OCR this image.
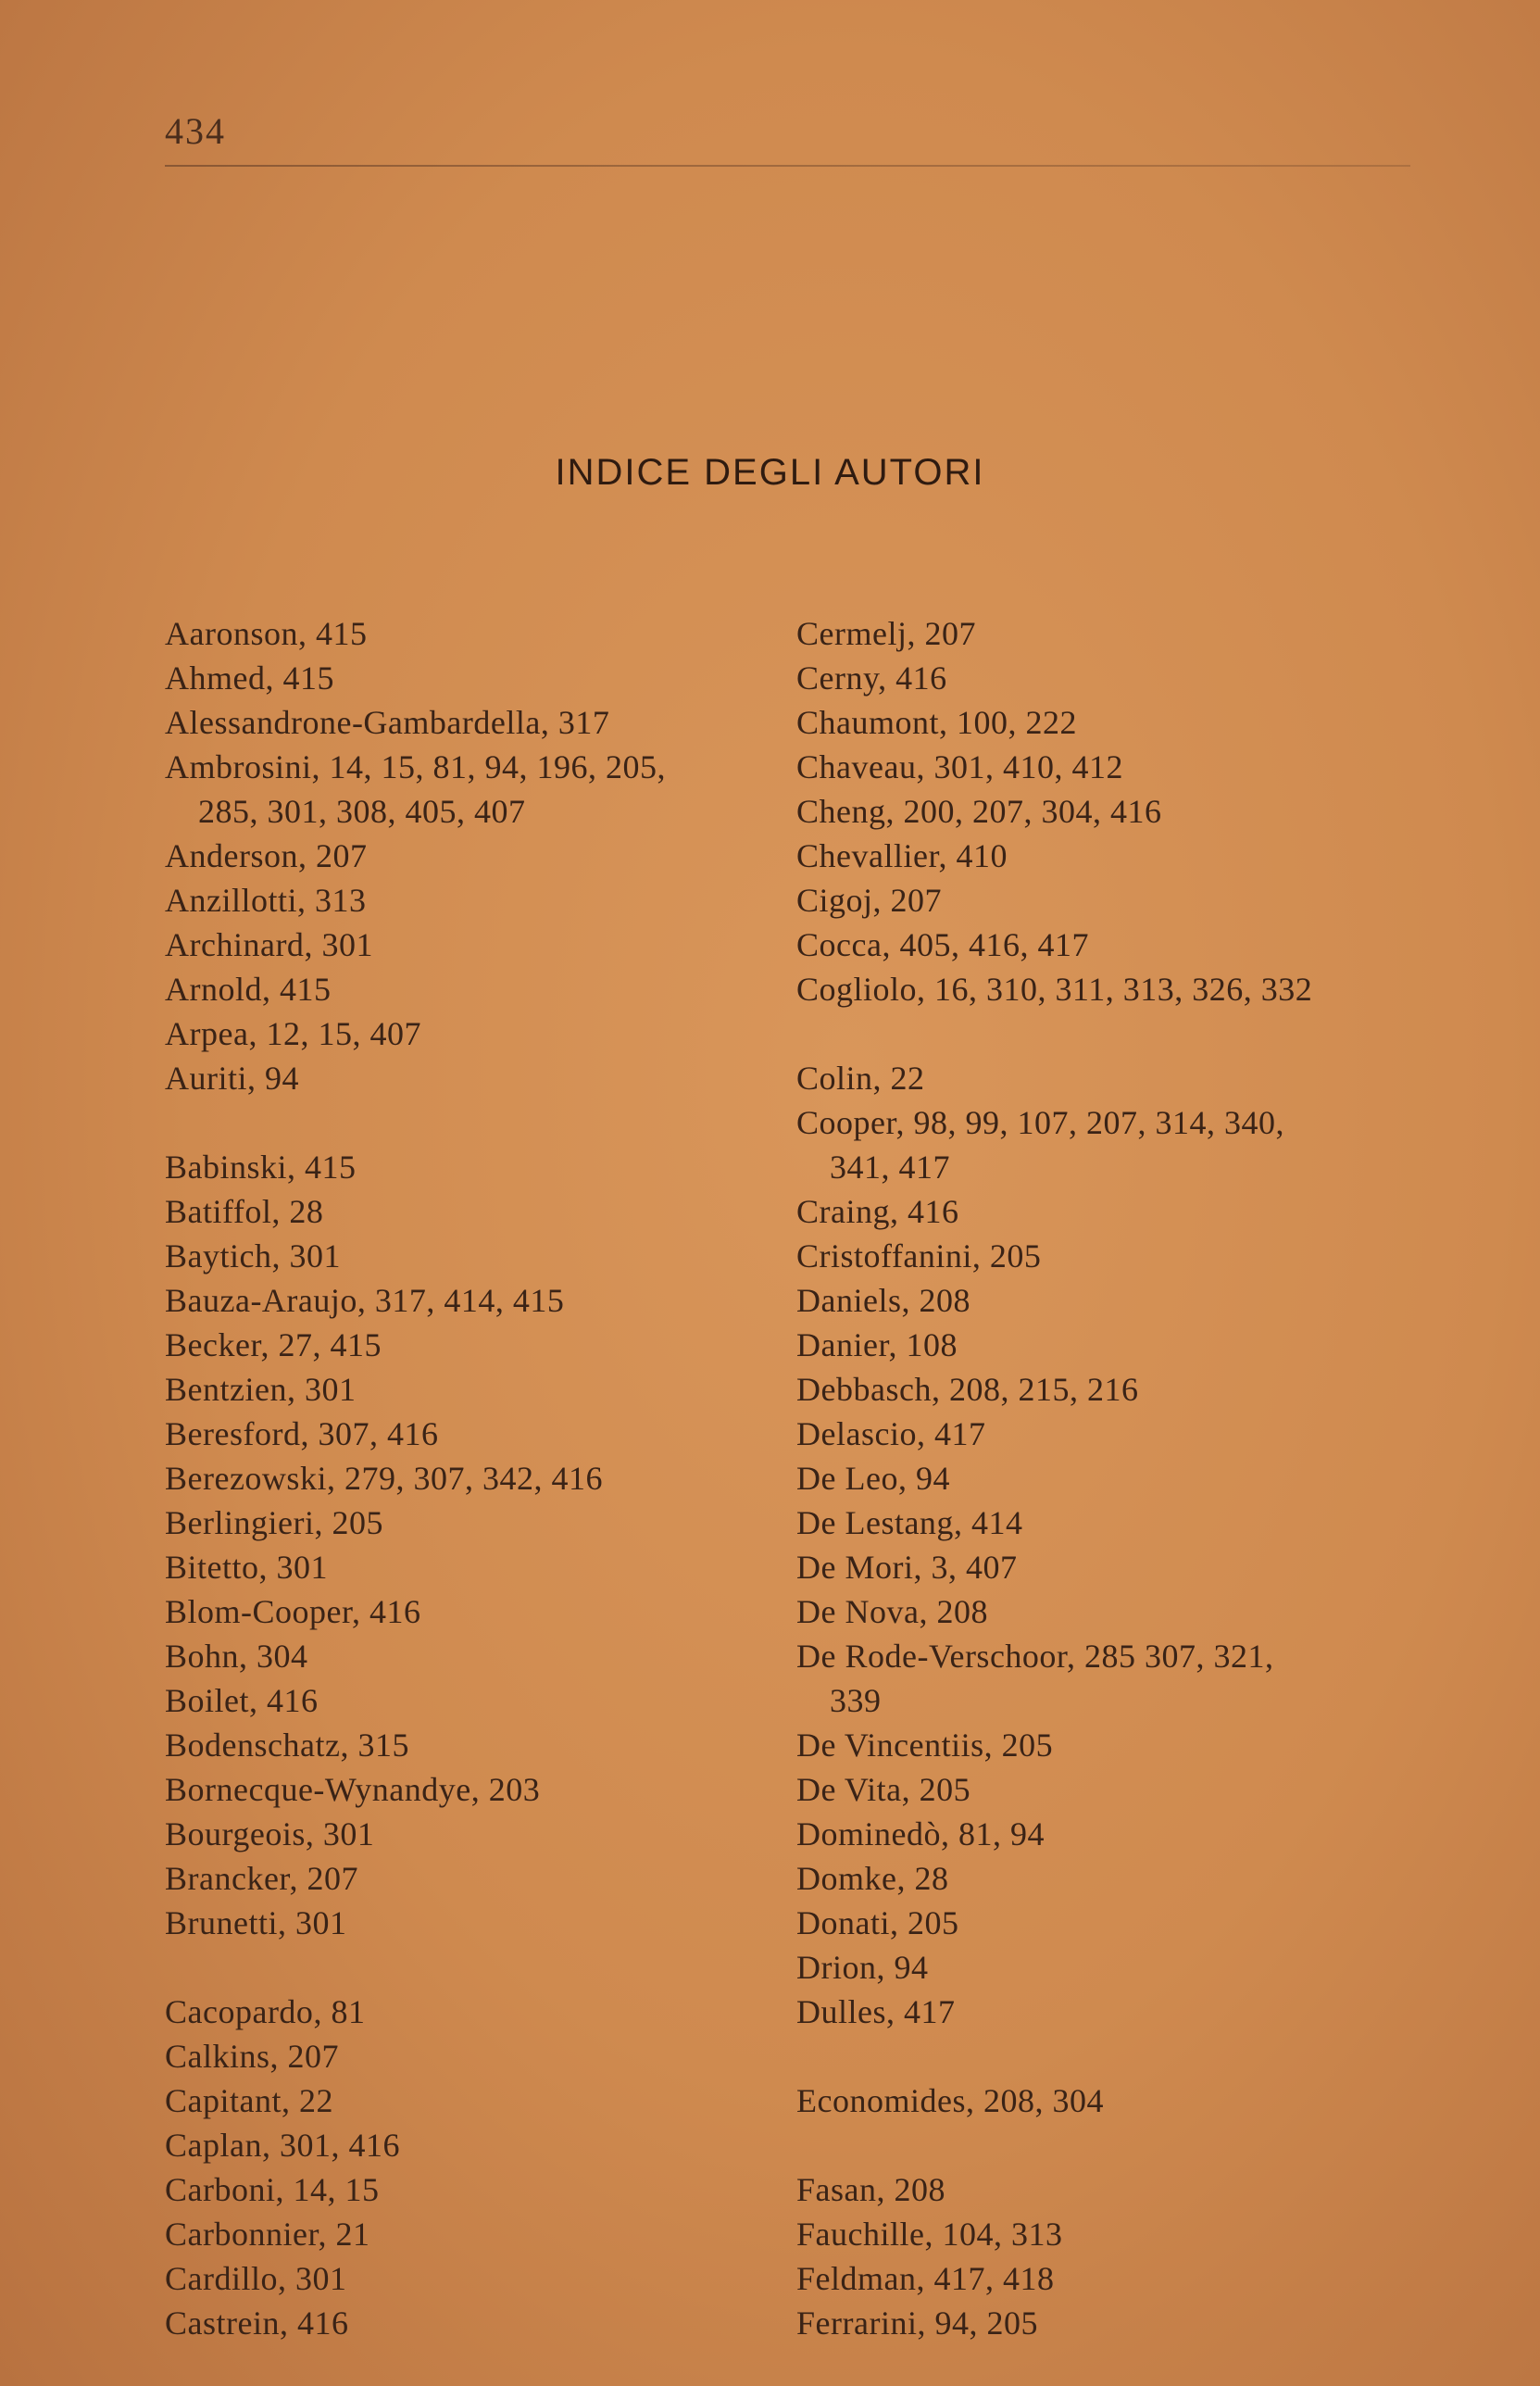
434
INDICE DEGLI AUTORI
Aaronson, 415
Ahmed, 415
Alessandrone-Gambardella, 317
Ambrosini, 14, 15, 81, 94, 196, 205,
285, 301, 308, 405, 407
Anderson, 207
Anzillotti, 313
Archinard, 301
Arnold, 415
Arpea, 12, 15, 407
Auriti, 94
Babinski, 415
Batiffol, 28
Baytich, 301
Bauza-Araujo, 317, 414, 415
Becker, 27, 415
Bentzien, 301
Beresford, 307, 416
Berezowski, 279, 307, 342, 416
Berlingieri, 205
Bitetto, 301
Blom-Cooper, 416
Bohn, 304
Boilet, 416
Bodenschatz, 315
Bornecque-Wynandye, 203
Bourgeois, 301
Brancker, 207
Brunetti, 301
Cacopardo, 81
Calkins, 207
Capitant, 22
Caplan, 301, 416
Carboni, 14, 15
Carbonnier, 21
Cardillo, 301
Castrein, 416
Cermelj, 207
Cerny, 416
Chaumont, 100, 222
Chaveau, 301, 410, 412
Cheng, 200, 207, 304, 416
Chevallier, 410
Cigoj, 207
Cocca, 405, 416, 417
Cogliolo, 16, 310, 311, 313, 326, 332
Colin, 22
Cooper, 98, 99, 107, 207, 314, 340,
341, 417
Craing, 416
Cristoffanini, 205
Daniels, 208
Danier, 108
Debbasch, 208, 215, 216
Delascio, 417
De Leo, 94
De Lestang, 414
De Mori, 3, 407
De Nova, 208
De Rode-Verschoor, 285 307, 321,
339
De Vincentiis, 205
De Vita, 205
Dominedò, 81, 94
Domke, 28
Donati, 205
Drion, 94
Dulles, 417
Economides, 208, 304
Fasan, 208
Fauchille, 104, 313
Feldman, 417, 418
Ferrarini, 94, 205
